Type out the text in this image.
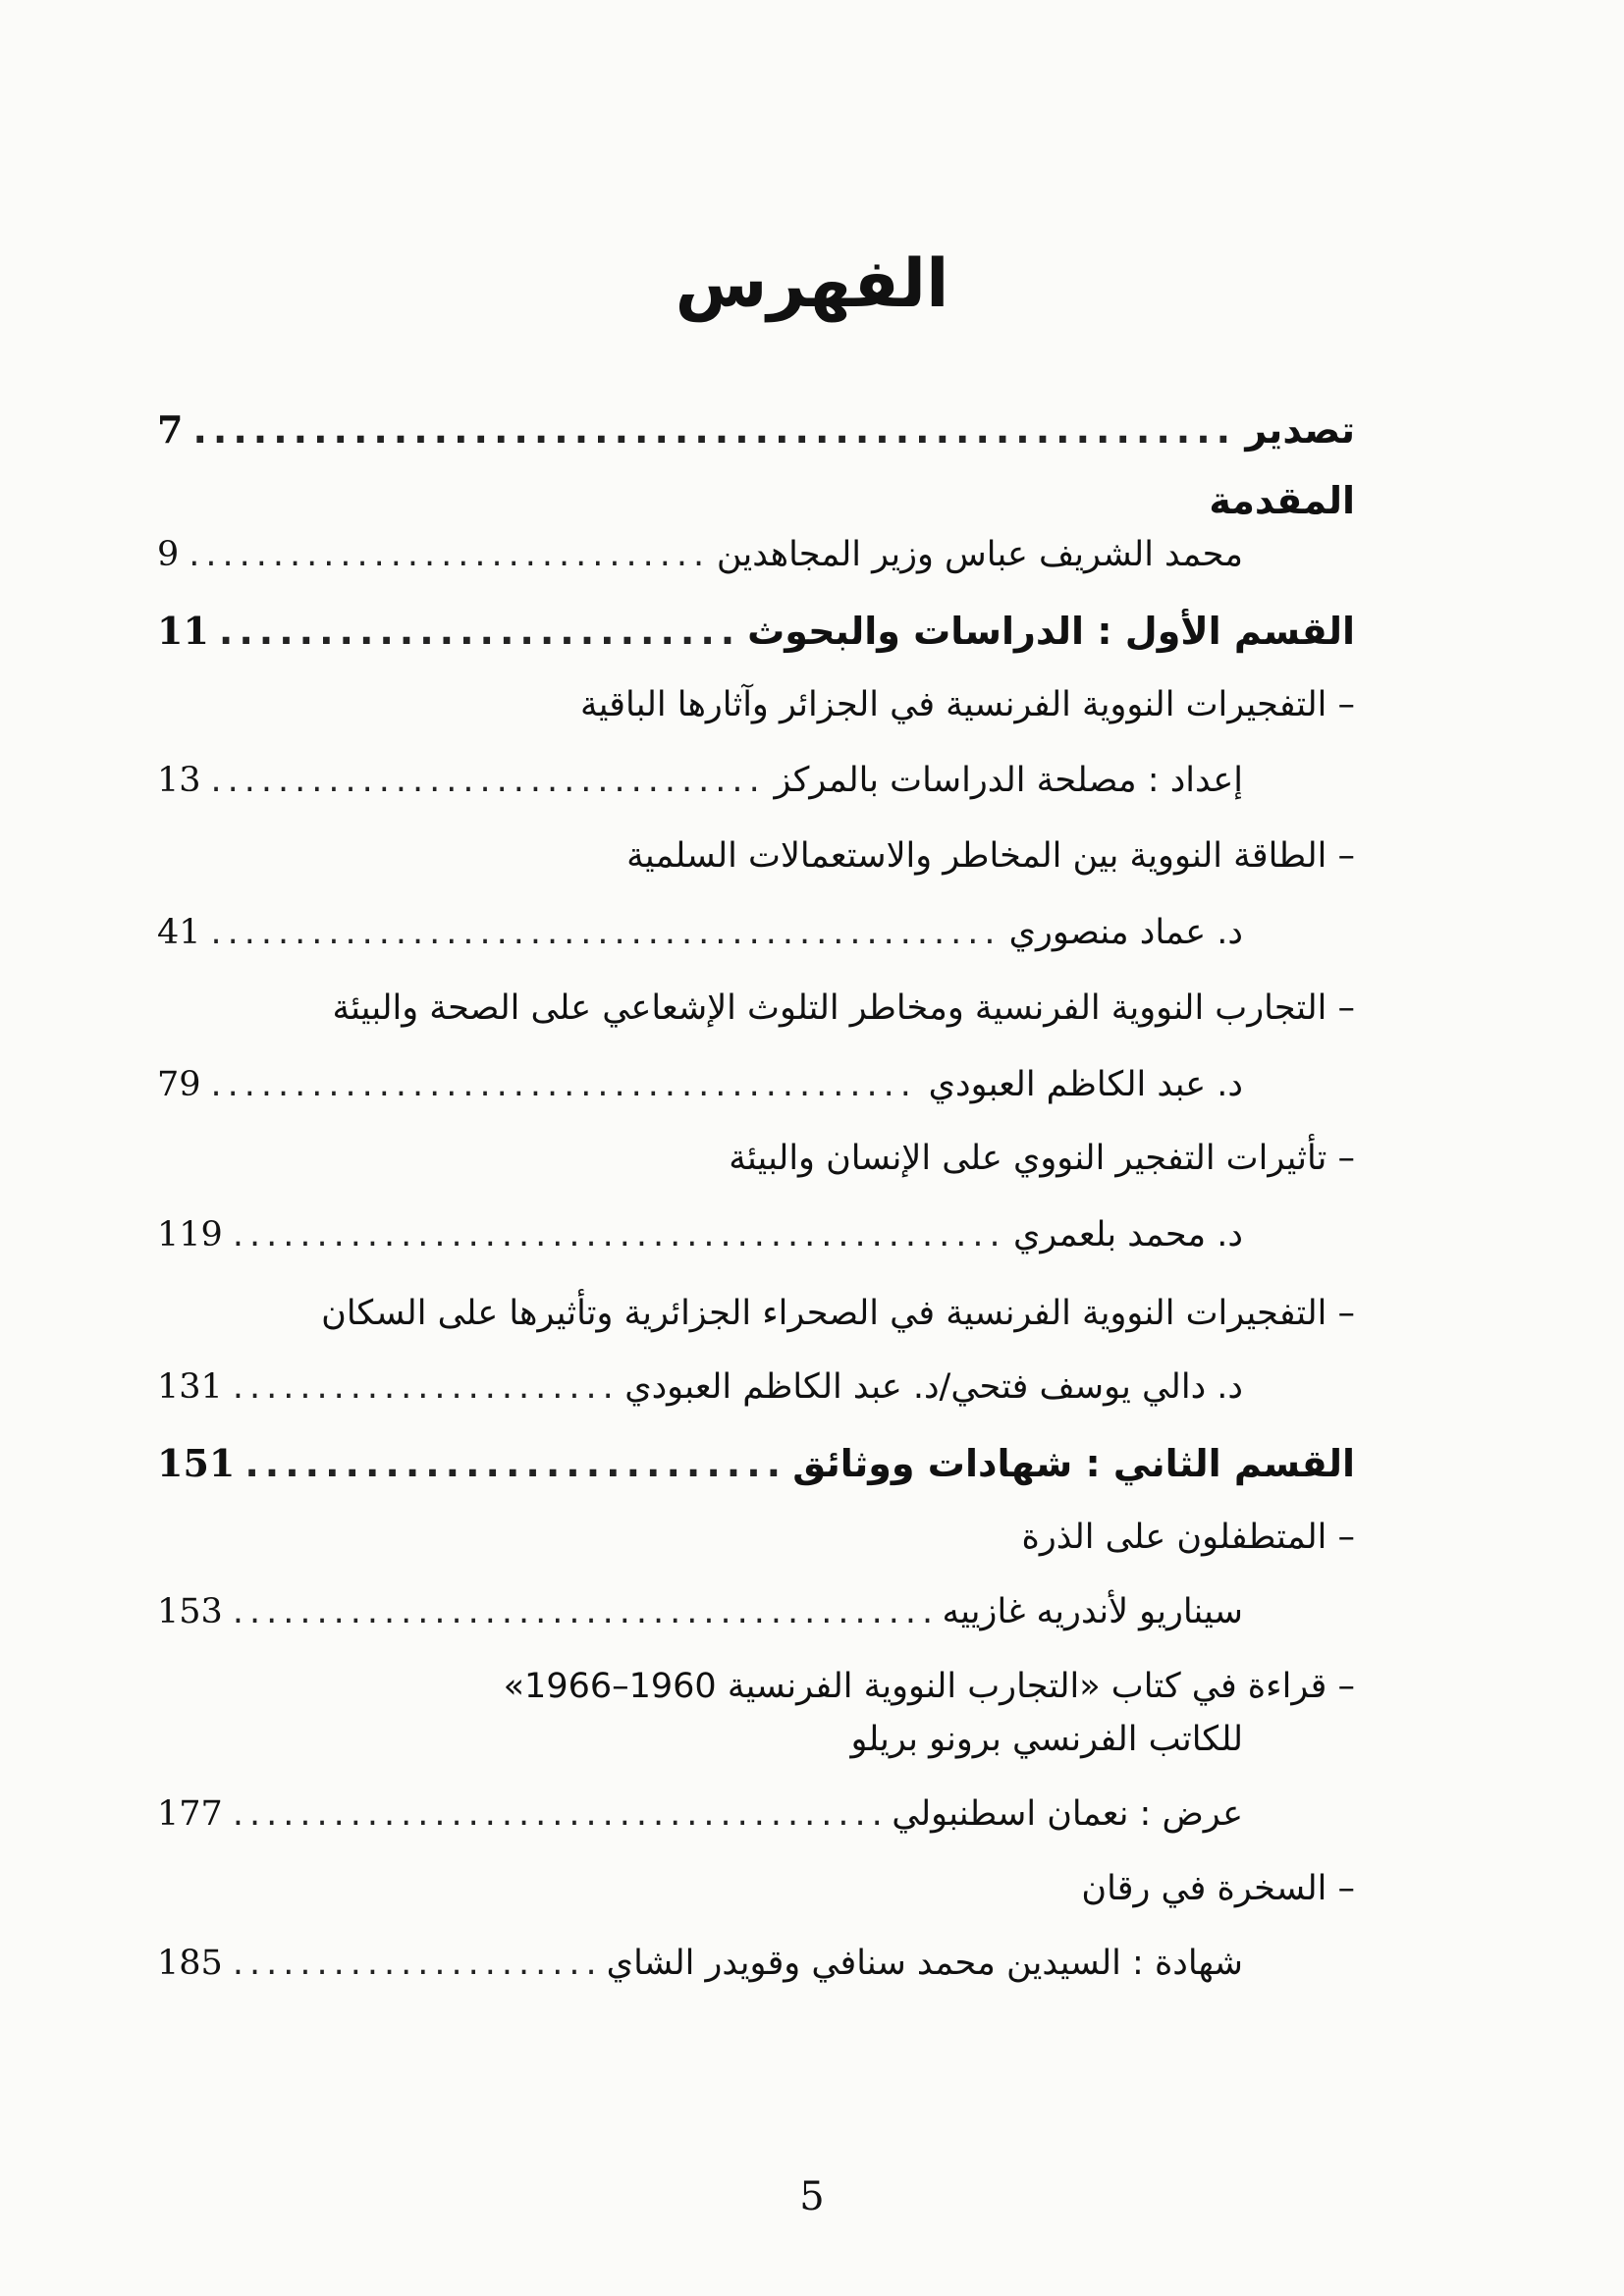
الفهرس
تصدير
.....
7
المقدمة
محمد الشريف عباس وزير المجاهدين
.....
9
القسم الأول : الدراسات والبحوث
.....
11
– التفجيرات النووية الفرنسية في الجزائر وآثارها الباقية
إعداد : مصلحة الدراسات بالمركز
.....
13
– الطاقة النووية بين المخاطر والاستعمالات السلمية
د. عماد منصوري
.....
41
– التجارب النووية الفرنسية ومخاطر التلوث الإشعاعي على الصحة والبيئة
د. عبد الكاظم العبودي
.....
79
– تأثيرات التفجير النووي على الإنسان والبيئة
د. محمد بلعمري
.....
119
– التفجيرات النووية الفرنسية في الصحراء الجزائرية وتأثيرها على السكان
د. دالي يوسف فتحي/د. عبد الكاظم العبودي
.....
131
القسم الثاني : شهادات ووثائق
.....
151
– المتطفلون على الذرة
سيناريو لأندريه غازييه
.....
153
– قراءة في كتاب «التجارب النووية الفرنسية 1960–1966»
للكاتب الفرنسي برونو بريلو
عرض : نعمان اسطنبولي
.....
177
– السخرة في رقان
شهادة : السيدين محمد سنافي وقويدر الشاي
.....
185
5
